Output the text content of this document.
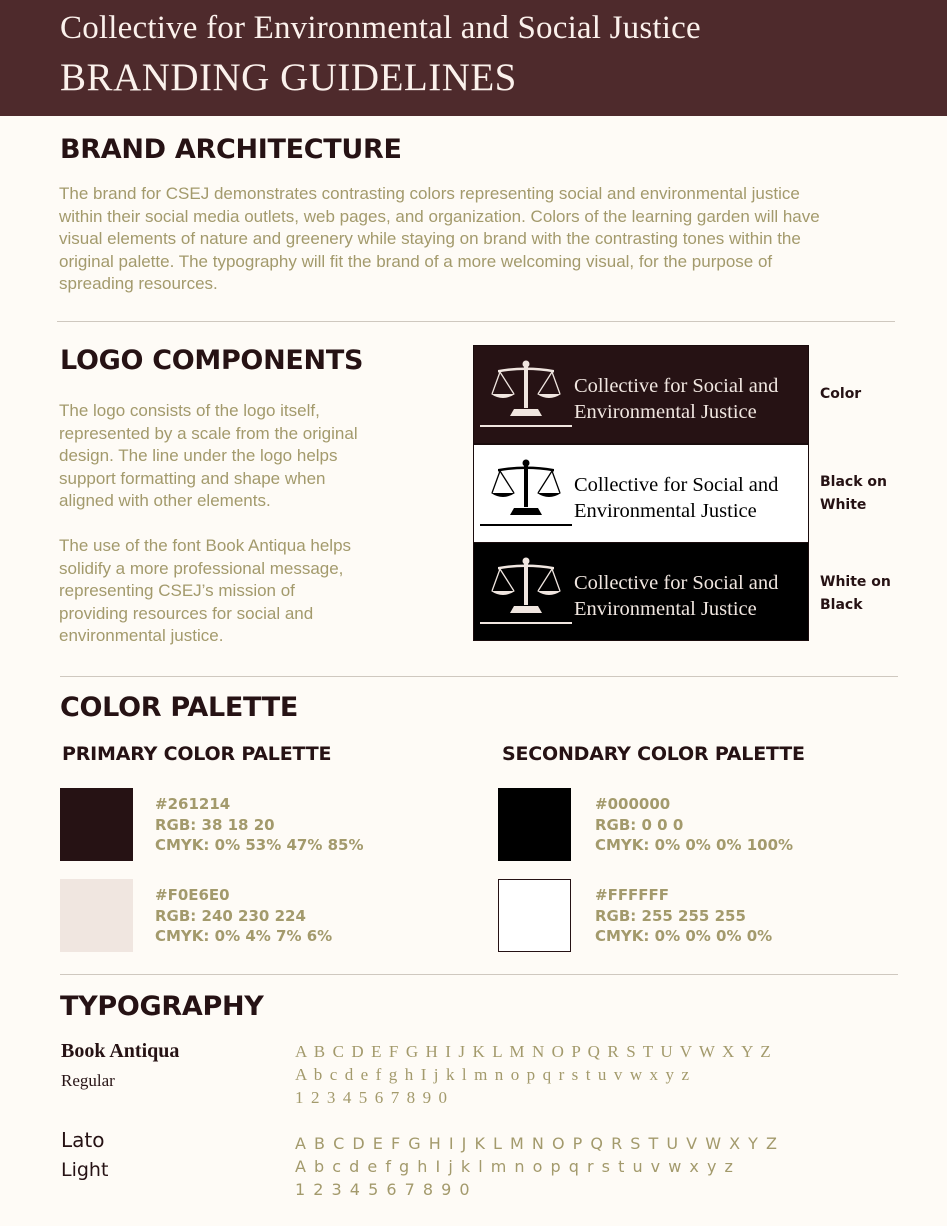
Collective for Environmental and Social Justice
BRANDING GUIDELINES
BRAND ARCHITECTURE
The brand for CSEJ demonstrates contrasting colors representing social and environmental justice
within their social media outlets, web pages, and organization. Colors of the learning garden will have
visual elements of nature and greenery while staying on brand with the contrasting tones within the
original palette. The typography will fit the brand of a more welcoming visual, for the purpose of
spreading resources.
LOGO COMPONENTS
The logo consists of the logo itself,
represented by a scale from the original
design. The line under the logo helps
support formatting and shape when
aligned with other elements.
The use of the font Book Antiqua helps
solidify a more professional message,
representing CSEJ’s mission of
providing resources for social and
environmental justice.
Collective for Social and
Environmental Justice
Collective for Social and
Environmental Justice
Collective for Social and
Environmental Justice
Color
Black on
White
White on
Black
COLOR PALETTE
PRIMARY COLOR PALETTE	SECONDARY COLOR PALETTE
#261214
RGB: 38 18 20
CMYK: 0% 53% 47% 85%
#F0E6E0
RGB: 240 230 224
CMYK: 0% 4% 7% 6%
#000000
RGB: 0 0 0
CMYK: 0% 0% 0% 100%
#FFFFFF
RGB: 255 255 255
CMYK: 0% 0% 0% 0%
TYPOGRAPHY
Book Antiqua
Regular
A B C D E F G H I J K L M N O P Q R S T U V W X Y Z
A b c d e f g h I j k l m n o p q r s t u v w x y z
1 2 3 4 5 6 7 8 9 0
Lato
Light
A B C D E F G H I J K L M N O P Q R S T U V W X Y Z
A b c d e f g h I j k l m n o p q r s t u v w x y z
1 2 3 4 5 6 7 8 9 0
